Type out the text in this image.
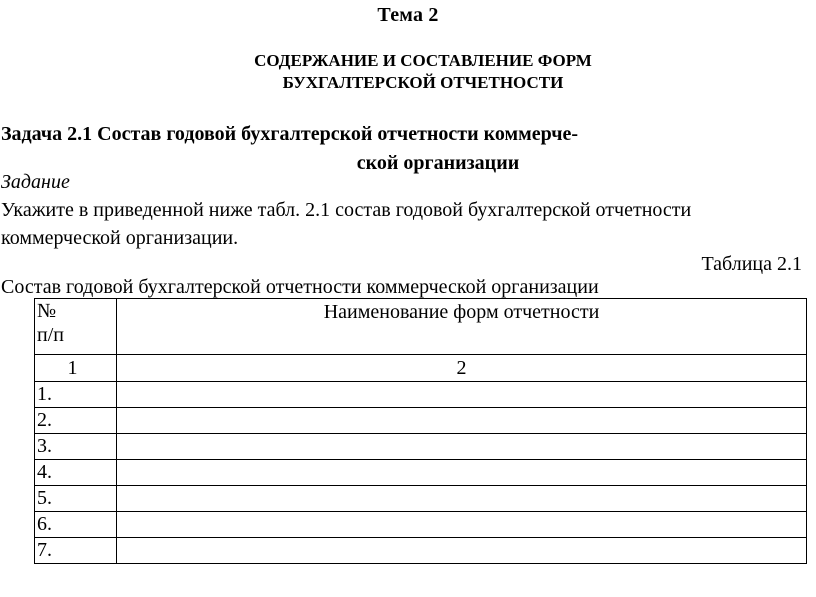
Тема 2
СОДЕРЖАНИЕ И СОСТАВЛЕНИЕ ФОРМ
БУХГАЛТЕРСКОЙ ОТЧЕТНОСТИ
Задача 2.1 Состав годовой бухгалтерской отчетности коммерче-
ской организации
Задание
Укажите в приведенной ниже табл. 2.1 состав годовой бухгалтерской отчетности коммерческой организации.
Таблица 2.1
Состав годовой бухгалтерской отчетности коммерческой организации
№
п/п	Наименование форм отчетности
1	2
1.	
2.	
3.	
4.	
5.	
6.	
7.	
